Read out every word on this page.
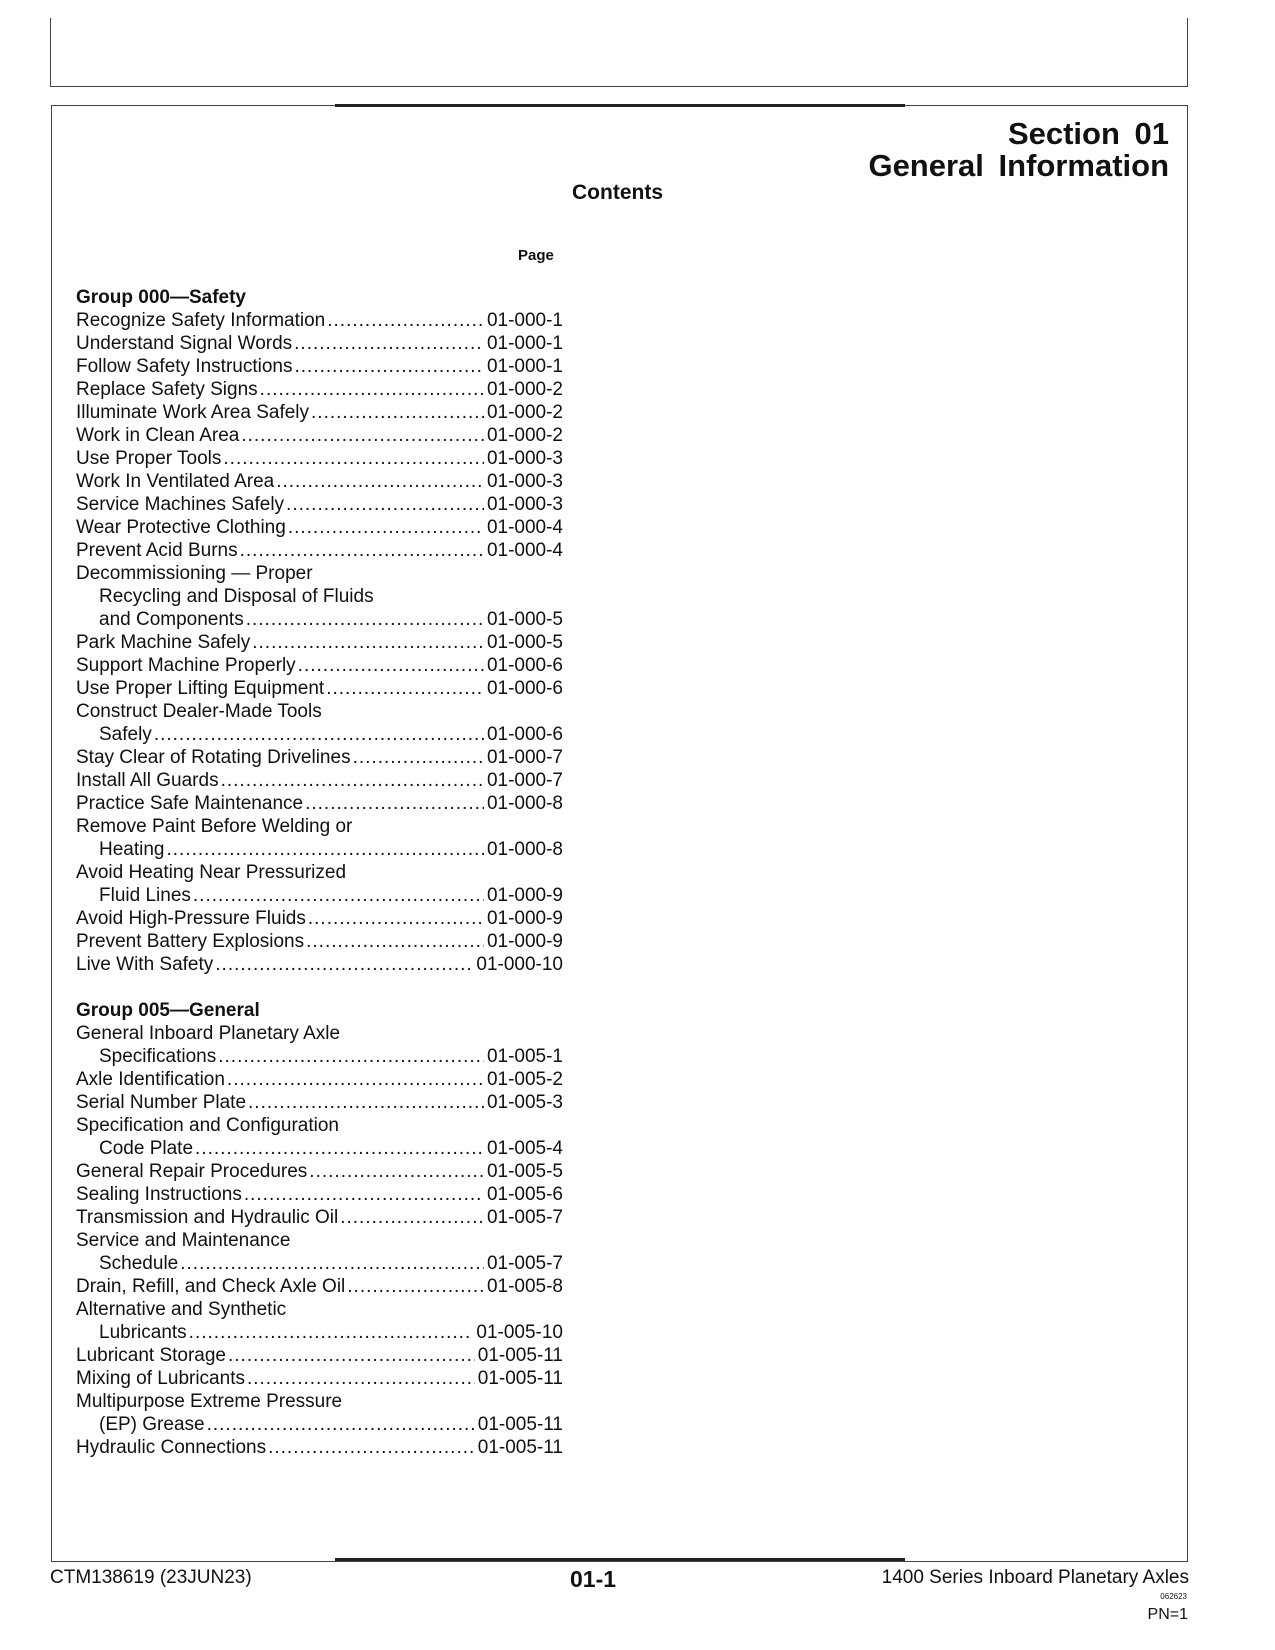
Section 01
General Information
Contents
Page
Group 000—Safety
Recognize Safety Information .....	01-000-1
Understand Signal Words .....	01-000-1
Follow Safety Instructions .....	01-000-1
Replace Safety Signs .....	01-000-2
Illuminate Work Area Safely .....	01-000-2
Work in Clean Area .....	01-000-2
Use Proper Tools .....	01-000-3
Work In Ventilated Area .....	01-000-3
Service Machines Safely .....	01-000-3
Wear Protective Clothing .....	01-000-4
Prevent Acid Burns .....	01-000-4
Decommissioning — Proper
Recycling and Disposal of Fluids
and Components .....	01-000-5
Park Machine Safely .....	01-000-5
Support Machine Properly .....	01-000-6
Use Proper Lifting Equipment .....	01-000-6
Construct Dealer-Made Tools
Safely .....	01-000-6
Stay Clear of Rotating Drivelines .....	01-000-7
Install All Guards .....	01-000-7
Practice Safe Maintenance .....	01-000-8
Remove Paint Before Welding or
Heating .....	01-000-8
Avoid Heating Near Pressurized
Fluid Lines .....	01-000-9
Avoid High-Pressure Fluids .....	01-000-9
Prevent Battery Explosions .....	01-000-9
Live With Safety .....	01-000-10
Group 005—General
General Inboard Planetary Axle
Specifications .....	01-005-1
Axle Identification .....	01-005-2
Serial Number Plate .....	01-005-3
Specification and Configuration
Code Plate .....	01-005-4
General Repair Procedures .....	01-005-5
Sealing Instructions .....	01-005-6
Transmission and Hydraulic Oil .....	01-005-7
Service and Maintenance
Schedule .....	01-005-7
Drain, Refill, and Check Axle Oil .....	01-005-8
Alternative and Synthetic
Lubricants .....	01-005-10
Lubricant Storage .....	01-005-11
Mixing of Lubricants .....	01-005-11
Multipurpose Extreme Pressure
(EP) Grease .....	01-005-11
Hydraulic Connections .....	01-005-11
CTM138619 (23JUN23)	01-1	1400 Series Inboard Planetary Axles
062623
PN=1
